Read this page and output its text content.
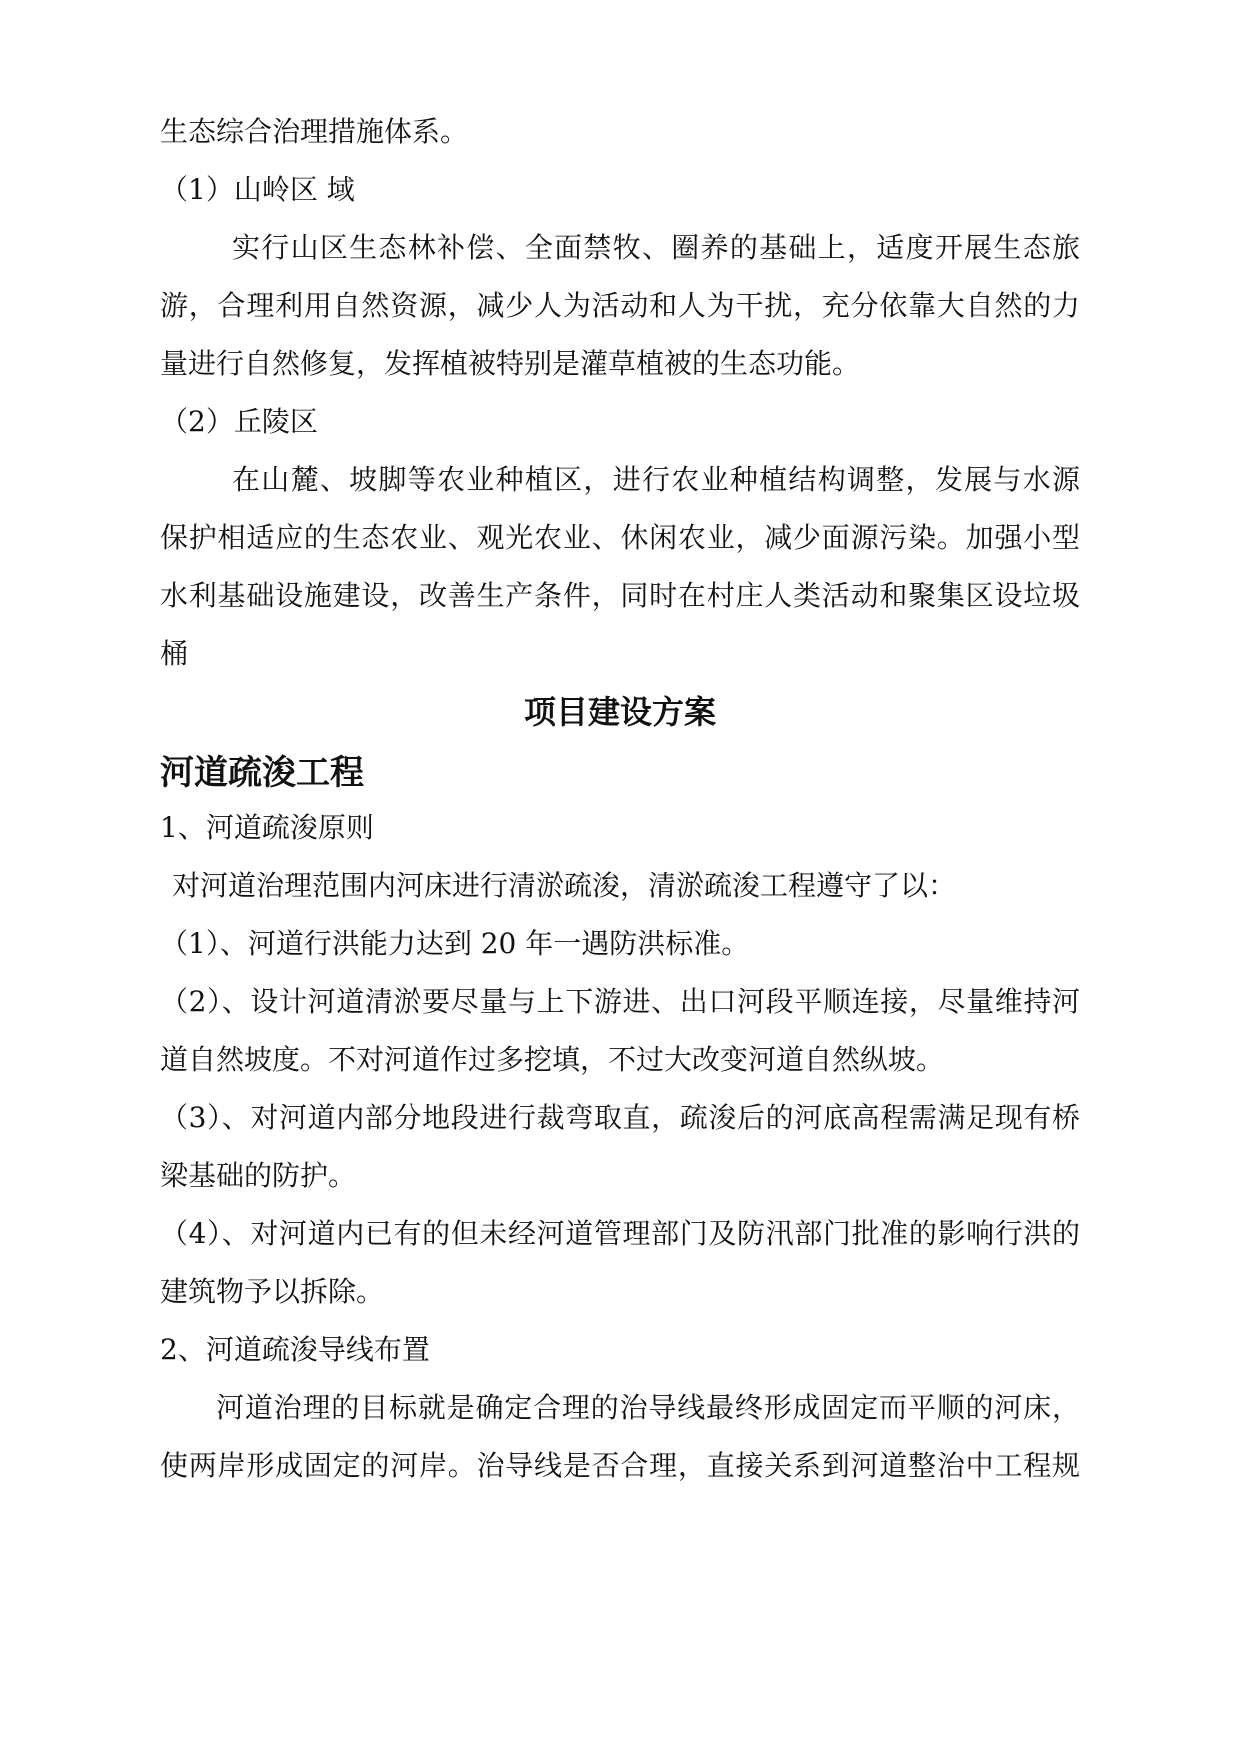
生态综合治理措施体系。
（1）山岭区 域
实行山区生态林补偿、全面禁牧、圈养的基础上，适度开展生态旅
游，合理利用自然资源，减少人为活动和人为干扰，充分依靠大自然的力
量进行自然修复，发挥植被特别是灌草植被的生态功能。
（2）丘陵区
在山麓、坡脚等农业种植区，进行农业种植结构调整，发展与水源
保护相适应的生态农业、观光农业、休闲农业，减少面源污染。加强小型
水利基础设施建设，改善生产条件，同时在村庄人类活动和聚集区设垃圾
桶
项目建设方案
河道疏浚工程
1、河道疏浚原则
对河道治理范围内河床进行清淤疏浚，清淤疏浚工程遵守了以：
（1）、河道行洪能力达到 20 年一遇防洪标准。
（2）、设计河道清淤要尽量与上下游进、出口河段平顺连接，尽量维持河
道自然坡度。不对河道作过多挖填，不过大改变河道自然纵坡。
（3）、对河道内部分地段进行裁弯取直，疏浚后的河底高程需满足现有桥
梁基础的防护。
（4）、对河道内已有的但未经河道管理部门及防汛部门批准的影响行洪的
建筑物予以拆除。
2、河道疏浚导线布置
河道治理的目标就是确定合理的治导线最终形成固定而平顺的河床，
使两岸形成固定的河岸。治导线是否合理，直接关系到河道整治中工程规
